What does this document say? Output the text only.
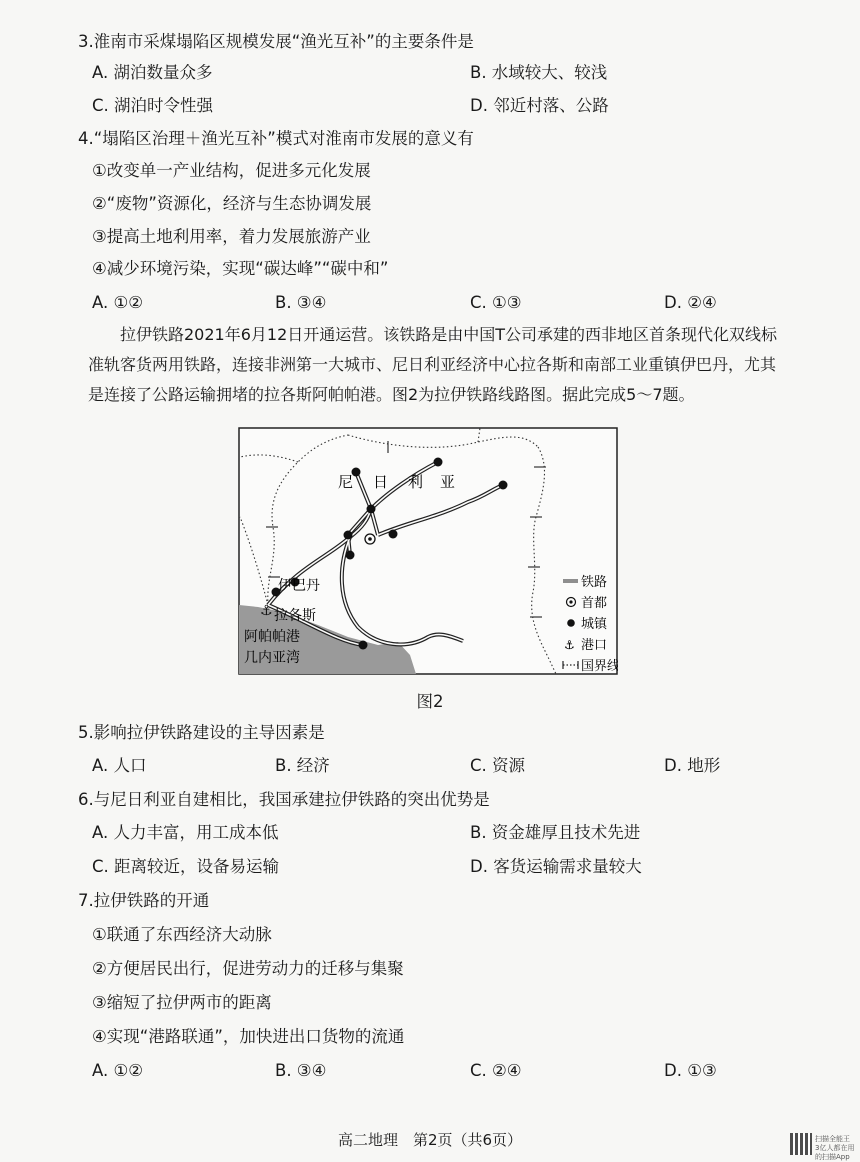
3.淮南市采煤塌陷区规模发展“渔光互补”的主要条件是
A. 湖泊数量众多	B. 水域较大、较浅
C. 湖泊时令性强	D. 邻近村落、公路
4.“塌陷区治理＋渔光互补”模式对淮南市发展的意义有
①改变单一产业结构，促进多元化发展
②“废物”资源化，经济与生态协调发展
③提高土地利用率，着力发展旅游产业
④减少环境污染，实现“碳达峰”“碳中和”
A. ①②	B. ③④	C. ①③	D. ②④

拉伊铁路2021年6月12日开通运营。该铁路是由中国T公司承建的西非地区首条现代化双线标准轨客货两用铁路，连接非洲第一大城市、尼日利亚经济中心拉各斯和南部工业重镇伊巴丹，尤其是连接了公路运输拥堵的拉各斯阿帕帕港。图2为拉伊铁路线路图。据此完成5～7题。

⚓
尼 日 利 亚
伊巴丹
拉各斯
阿帕帕港
几内亚湾
铁路
首都
城镇
⚓ 港口
国界线
图2
5.影响拉伊铁路建设的主导因素是
A. 人口	B. 经济	C. 资源	D. 地形
6.与尼日利亚自建相比，我国承建拉伊铁路的突出优势是
A. 人力丰富，用工成本低	B. 资金雄厚且技术先进
C. 距离较近，设备易运输	D. 客货运输需求量较大
7.拉伊铁路的开通
①联通了东西经济大动脉
②方便居民出行，促进劳动力的迁移与集聚
③缩短了拉伊两市的距离
④实现“港路联通”，加快进出口货物的流通
A. ①②	B. ③④	C. ②④	D. ①③
高二地理　第2页（共6页）	扫描全能王
3亿人都在用的扫描App
